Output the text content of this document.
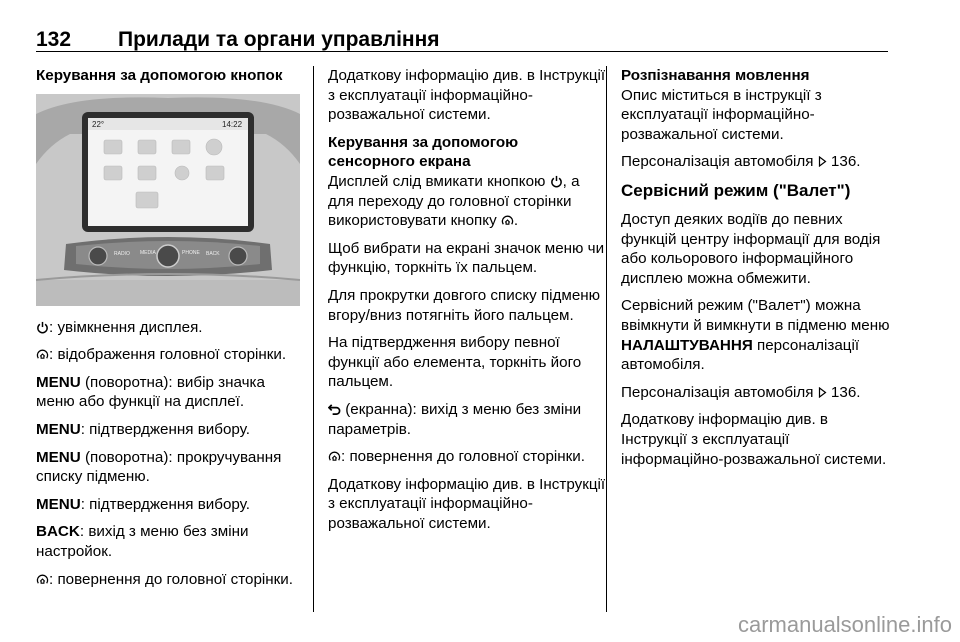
132 Прилади та органи управління

Керування за допомогою кнопок

22°	14:22
RADIO MEDIA	PHONE BACK

: увімкнення дисплея.

: відображення головної сторінки.

MENU (поворотна): вибір значка меню або функції на дисплеї.

MENU: підтвердження вибору.

MENU (поворотна): прокручування списку підменю.

MENU: підтвердження вибору.

BACK: вихід з меню без зміни настройок.

: повернення до головної сторінки.

Додаткову інформацію див. в Інструкції з експлуатації інформаційно-розважальної системи.

Керування за допомогою сенсорного екрана

Дисплей слід вмикати кнопкою , а для переходу до головної сторінки використовувати кнопку .

Щоб вибрати на екрані значок меню чи функцію, торкніть їх пальцем.

Для прокрутки довгого списку підменю вгору/вниз потягніть його пальцем.

На підтвердження вибору певної функції або елемента, торкніть його пальцем.

(екранна): вихід з меню без зміни параметрів.

: повернення до головної сторінки.

Додаткову інформацію див. в Інструкції з експлуатації інформаційно-розважальної системи.

Розпізнавання мовлення

Опис міститься в інструкції з експлуатації інформаційно-розважальної системи.

Персоналізація автомобіля  136.

Сервісний режим ("Валет")

Доступ деяких водіїв до певних функцій центру інформації для водія або кольорового інформаційного дисплею можна обмежити.

Сервісний режим ("Валет") можна ввімкнути й вимкнути в підменю меню НАЛАШТУВАННЯ персоналізації автомобіля.

Персоналізація автомобіля  136.

Додаткову інформацію див. в Інструкції з експлуатації інформаційно-розважальної системи.

carmanualsonline.info
